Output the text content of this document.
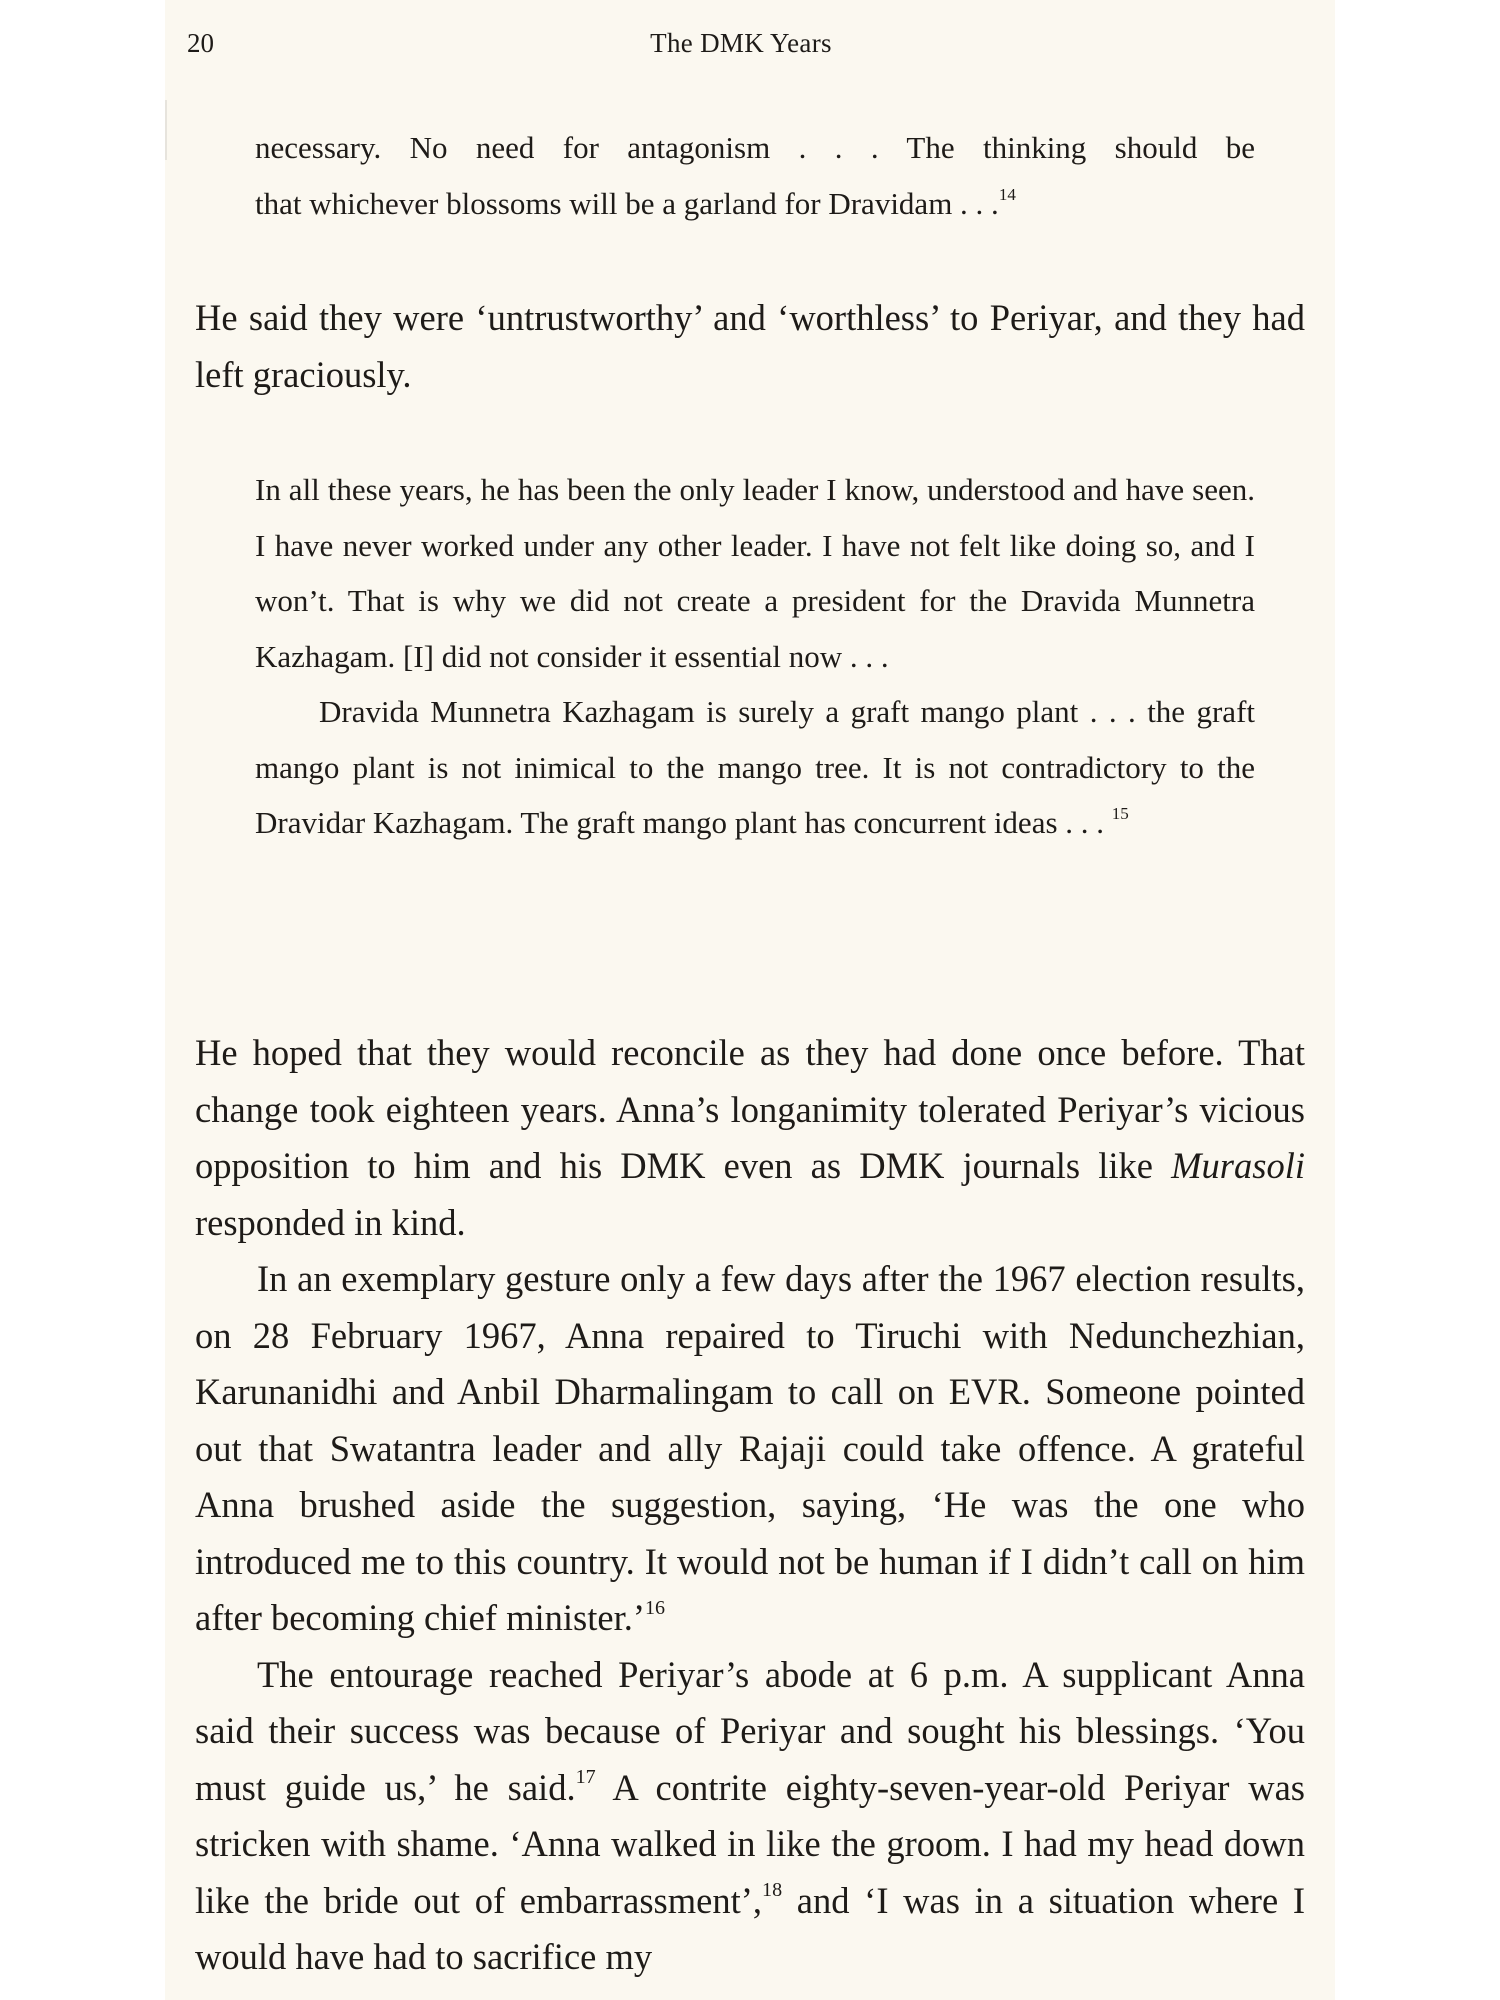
20	The DMK Years

necessary. No need for antagonism . . . The thinking should be

that whichever blossoms will be a garland for Dravidam . . .$^{14}$

He said they were ‘untrustworthy’ and ‘worthless’ to Periyar, and they had left graciously.

In all these years, he has been the only leader I know, understood and have seen. I have never worked under any other leader. I have not felt like doing so, and I won’t. That is why we did not create a president for the Dravida Munnetra Kazhagam. [I] did not consider it essential now . . .

Dravida Munnetra Kazhagam is surely a graft mango plant . . . the graft mango plant is not inimical to the mango tree. It is not contradictory to the Dravidar Kazhagam. The graft mango plant has concurrent ideas . . . $^{15}$

He hoped that they would reconcile as they had done once before. That change took eighteen years. Anna’s longanimity tolerated Periyar’s vicious opposition to him and his DMK even as DMK journals like Murasoli responded in kind.

In an exemplary gesture only a few days after the 1967 election results, on 28 February 1967, Anna repaired to Tiruchi with Nedunchezhian, Karunanidhi and Anbil Dharmalingam to call on EVR. Someone pointed out that Swatantra leader and ally Rajaji could take offence. A grateful Anna brushed aside the suggestion, saying, ‘He was the one who introduced me to this country. It would not be human if I didn’t call on him after becoming chief minister.’$^{16}$

The entourage reached Periyar’s abode at 6 p.m. A supplicant Anna said their success was because of Periyar and sought his blessings. ‘You must guide us,’ he said.$^{17}$ A contrite eighty-seven-year-old Periyar was stricken with shame. ‘Anna walked in like the groom. I had my head down like the bride out of embarrassment’,$^{18}$ and ‘I was in a situation where I would have had to sacrifice my
